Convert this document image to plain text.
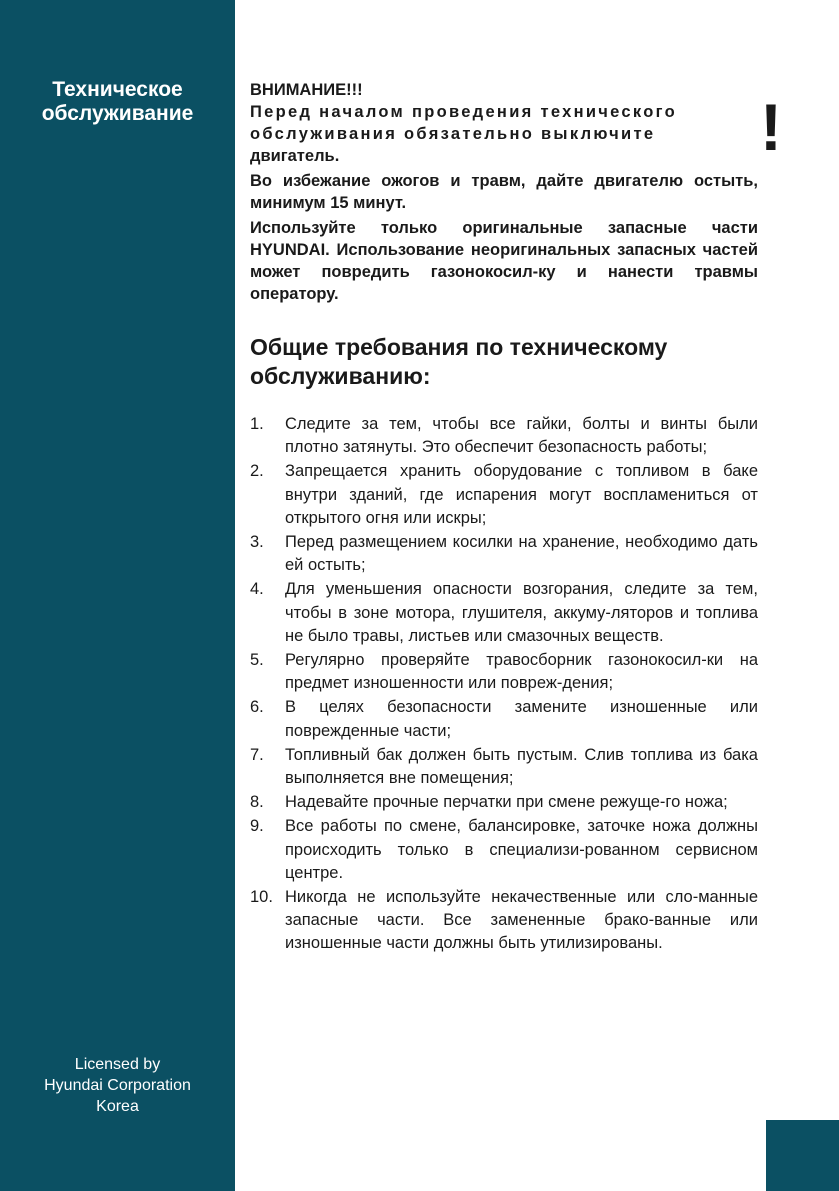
Техническое
обслуживание
Licensed by
Hyundai Corporation
Korea

ВНИМАНИЕ!!!

Перед началом проведения технического

обслуживания обязательно выключите

двигатель.

Во избежание ожогов и травм, дайте двигателю остыть, минимум 15 минут.

Используйте только оригинальные запасные части HYUNDAI. Использование неоригинальных запасных частей может повредить газонокосил-ку и нанести травмы оператору.

!
Общие требования по техническому обслуживанию:
1.	Следите за тем, чтобы все гайки, болты и винты были плотно затянуты. Это обеспечит безопасность работы;
2.	Запрещается хранить оборудование с топливом в баке внутри зданий, где испарения могут воспламениться от открытого огня или искры;
3.	Перед размещением косилки на хранение, необходимо дать ей остыть;
4.	Для уменьшения опасности возгорания, следите за тем, чтобы в зоне мотора, глушителя, аккуму-ляторов и топлива не было травы, листьев или смазочных веществ.
5.	Регулярно проверяйте травосборник газонокосил-ки на предмет изношенности или повреж-дения;
6.	В целях безопасности замените изношенные или поврежденные части;
7.	Топливный бак должен быть пустым. Слив топлива из бака выполняется вне помещения;
8.	Надевайте прочные перчатки при смене режуще-го ножа;
9.	Все работы по смене, балансировке, заточке ножа должны происходить только в специализи-рованном сервисном центре.
10. Никогда не используйте некачественные или сло-манные запасные части. Все замененные брако-ванные или изношенные части должны быть утилизированы.
